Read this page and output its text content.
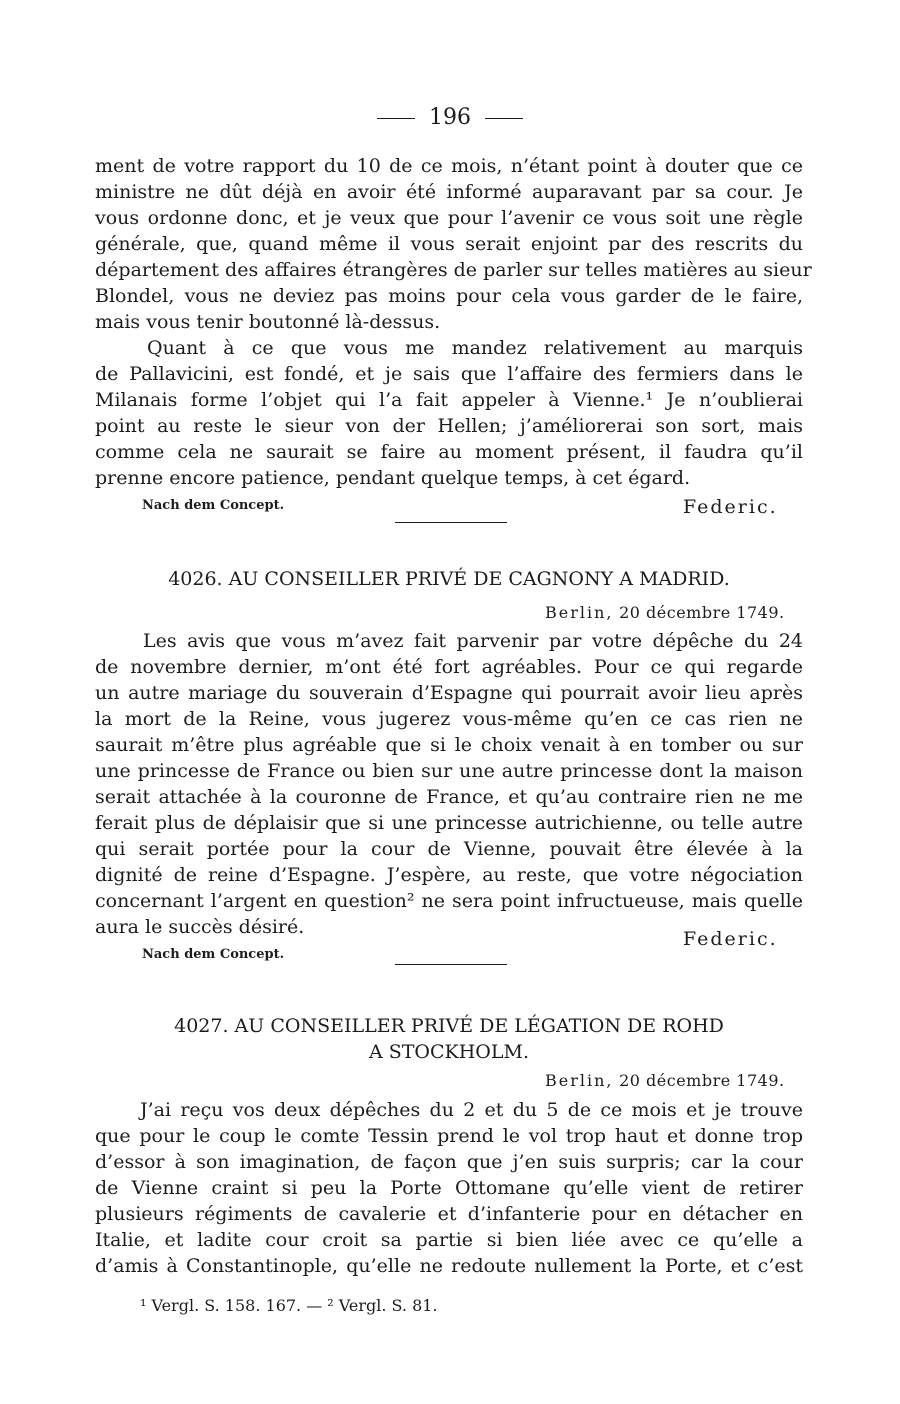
196
ment de votre rapport du 10 de ce mois, n’étant point à douter que ce
ministre ne dût déjà en avoir été informé auparavant par sa cour. Je
vous ordonne donc, et je veux que pour l’avenir ce vous soit une règle
générale, que, quand même il vous serait enjoint par des rescrits du
département des affaires étrangères de parler sur telles matières au sieur
Blondel, vous ne deviez pas moins pour cela vous garder de le faire,
mais vous tenir boutonné là-dessus.
Quant à ce que vous me mandez relativement au marquis
de Pallavicini, est fondé, et je sais que l’affaire des fermiers dans le
Milanais forme l’objet qui l’a fait appeler à Vienne.¹ Je n’oublierai
point au reste le sieur von der Hellen; j’améliorerai son sort, mais
comme cela ne saurait se faire au moment présent, il faudra qu’il
prenne encore patience, pendant quelque temps, à cet égard.
Nach dem Concept.	Federic.
4026. AU CONSEILLER PRIVÉ DE CAGNONY A MADRID.
Berlin, 20 décembre 1749.
Les avis que vous m’avez fait parvenir par votre dépêche du 24
de novembre dernier, m’ont été fort agréables. Pour ce qui regarde
un autre mariage du souverain d’Espagne qui pourrait avoir lieu après
la mort de la Reine, vous jugerez vous-même qu’en ce cas rien ne
saurait m’être plus agréable que si le choix venait à en tomber ou sur
une princesse de France ou bien sur une autre princesse dont la maison
serait attachée à la couronne de France, et qu’au contraire rien ne me
ferait plus de déplaisir que si une princesse autrichienne, ou telle autre
qui serait portée pour la cour de Vienne, pouvait être élevée à la
dignité de reine d’Espagne. J’espère, au reste, que votre négociation
concernant l’argent en question² ne sera point infructueuse, mais quelle
aura le succès désiré.
Federic.
Nach dem Concept.
4027. AU CONSEILLER PRIVÉ DE LÉGATION DE ROHD
A STOCKHOLM.
Berlin, 20 décembre 1749.
J’ai reçu vos deux dépêches du 2 et du 5 de ce mois et je trouve
que pour le coup le comte Tessin prend le vol trop haut et donne trop
d’essor à son imagination, de façon que j’en suis surpris; car la cour
de Vienne craint si peu la Porte Ottomane qu’elle vient de retirer
plusieurs régiments de cavalerie et d’infanterie pour en détacher en
Italie, et ladite cour croit sa partie si bien liée avec ce qu’elle a
d’amis à Constantinople, qu’elle ne redoute nullement la Porte, et c’est
¹ Vergl. S. 158. 167. — ² Vergl. S. 81.
